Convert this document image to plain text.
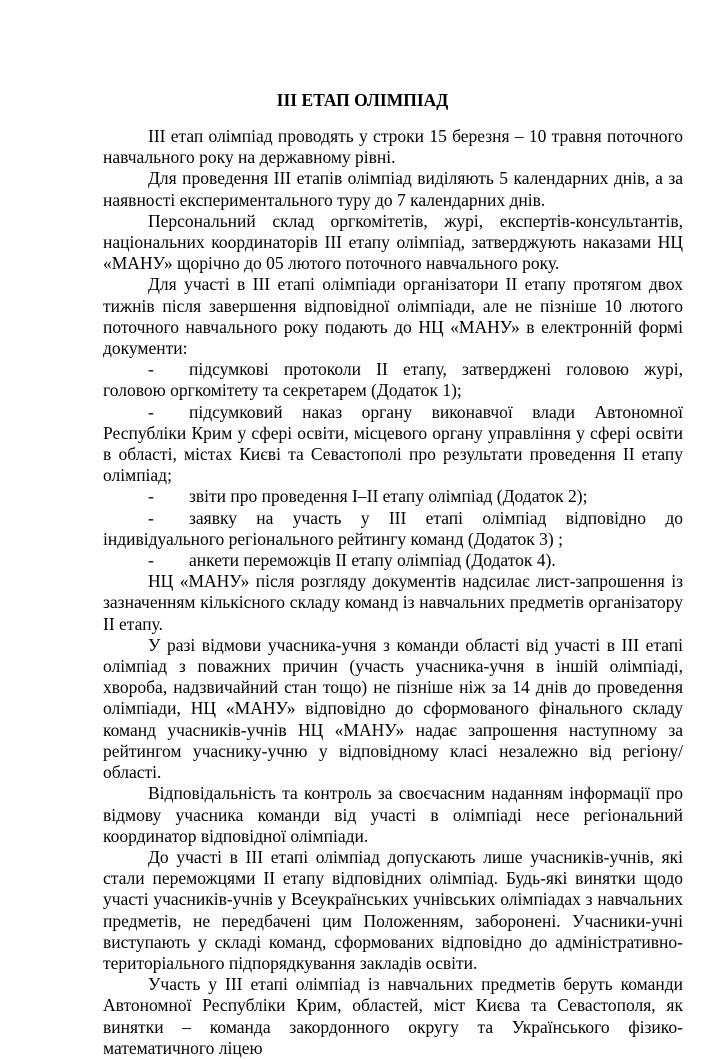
III ЕТАП ОЛІМПІАД

III етап олімпіад проводять у строки 15 березня – 10 травня поточного навчального року на державному рівні.

Для проведення III етапів олімпіад виділяють 5 календарних днів, а за наявності експериментального туру до 7 календарних днів.

Персональний склад оргкомітетів, журі, експертів-консультантів, національних координаторів III етапу олімпіад, затверджують наказами НЦ «МАНУ» щорічно до 05 лютого поточного навчального року.

Для участі в III етапі олімпіади організатори II етапу протягом двох тижнів після завершення відповідної олімпіади, але не пізніше 10 лютого поточного навчального року подають до НЦ «МАНУ» в електронній формі документи:

- підсумкові протоколи II етапу, затверджені головою журі, головою оргкомітету та секретарем (Додаток 1);

- підсумковий наказ органу виконавчої влади Автономної Республіки Крим у сфері освіти, місцевого органу управління у сфері освіти в області, містах Києві та Севастополі про результати проведення II етапу олімпіад;

- звіти про проведення I–II етапу олімпіад (Додаток 2);

- заявку на участь у III етапі олімпіад відповідно до індивідуального регіонального рейтингу команд (Додаток 3) ;

- анкети переможців II етапу олімпіад (Додаток 4).

НЦ «МАНУ» після розгляду документів надсилає лист-запрошення із зазначенням кількісного складу команд із навчальних предметів організатору II етапу.

У разі відмови учасника-учня з команди області від участі в III етапі олімпіад з поважних причин (участь учасника-учня в іншій олімпіаді, хвороба, надзвичайний стан тощо) не пізніше ніж за 14 днів до проведення олімпіади, НЦ «МАНУ» відповідно до сформованого фінального складу команд учасників-учнів НЦ «МАНУ» надає запрошення наступному за рейтингом учаснику-учню у відповідному класі незалежно від регіону/області.

Відповідальність та контроль за своєчасним наданням інформації про відмову учасника команди від участі в олімпіаді несе регіональний координатор відповідної олімпіади.

До участі в III етапі олімпіад допускають лише учасників-учнів, які стали переможцями II етапу відповідних олімпіад. Будь-які винятки щодо участі учасників-учнів у Всеукраїнських учнівських олімпіадах з навчальних предметів, не передбачені цим Положенням, заборонені. Учасники-учні виступають у складі команд, сформованих відповідно до адміністративно-територіального підпорядкування закладів освіти.

Участь у III етапі олімпіад із навчальних предметів беруть команди Автономної Республіки Крим, областей, міст Києва та Севастополя, як винятки – команда закордонного округу та Українського фізико-математичного ліцею
